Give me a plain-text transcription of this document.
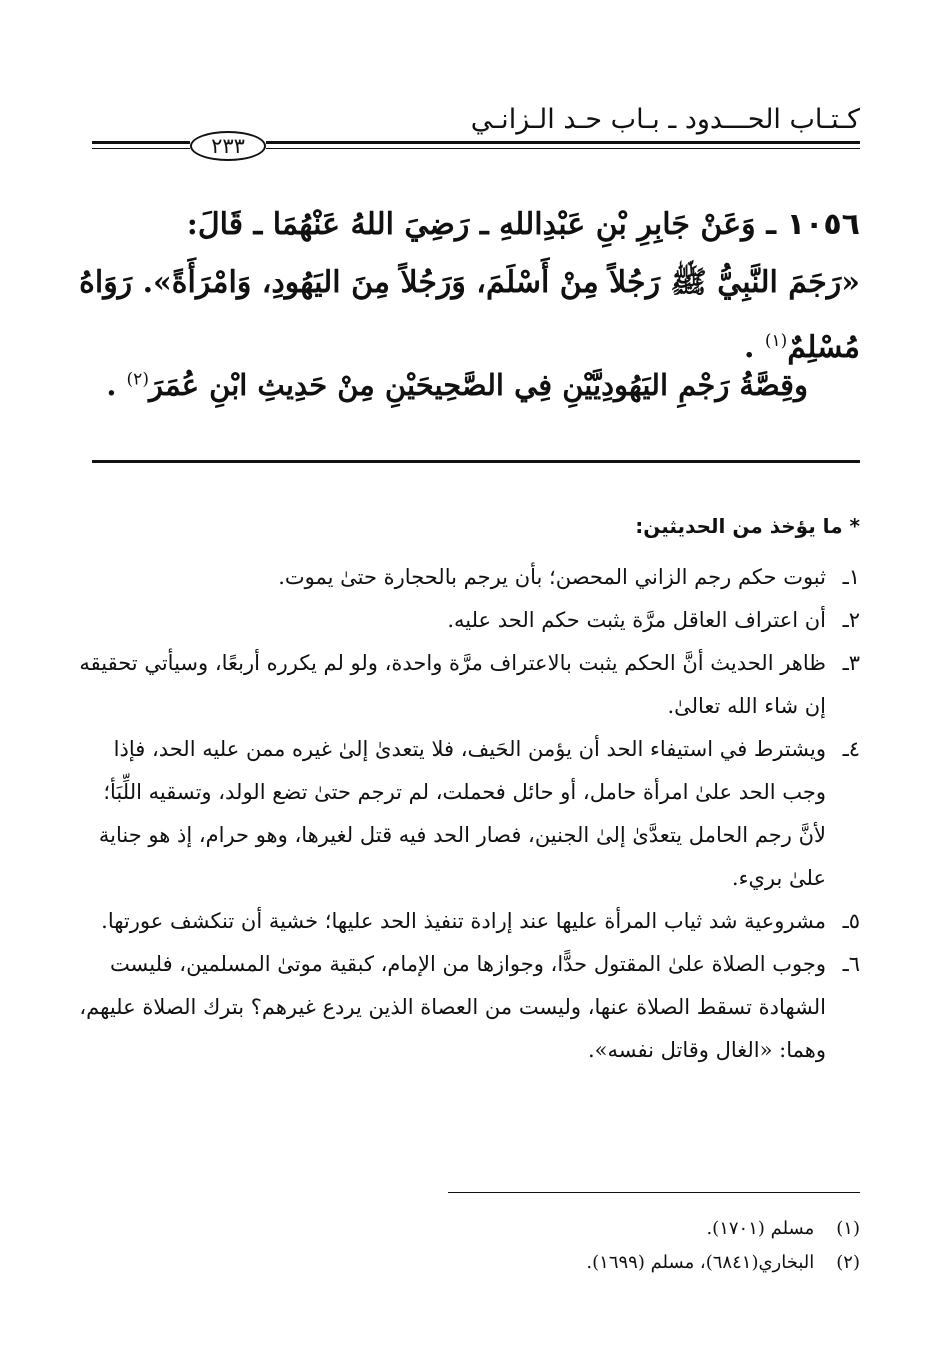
كـتـاب الحـــدود ـ بـاب حـد الـزانـي
٢٣٣
١٠٥٦ ـ وَعَنْ جَابِرِ بْنِ عَبْدِاللهِ ـ رَضِيَ اللهُ عَنْهُمَا ـ قَالَ:
«رَجَمَ النَّبِيُّ ﷺ رَجُلاً مِنْ أَسْلَمَ، وَرَجُلاً مِنَ اليَهُودِ، وَامْرَأَةً». رَوَاهُ
مُسْلِمٌ$^{(١)}$ .
وقِصَّةُ رَجْمِ اليَهُودِيَّيْنِ فِي الصَّحِيحَيْنِ مِنْ حَدِيثِ ابْنِ عُمَرَ$^{(٢)}$ .
* ما يؤخذ من الحديثين:
١ـ
ثبوت حكم رجم الزاني المحصن؛ بأن يرجم بالحجارة حتىٰ يموت.
٢ـ
أن اعتراف العاقل مرَّة يثبت حكم الحد عليه.
٣ـ
ظاهر الحديث أنَّ الحكم يثبت بالاعتراف مرَّة واحدة، ولو لم يكرره أربعًا، وسيأتي تحقيقه إن شاء الله تعالىٰ.
٤ـ
ويشترط في استيفاء الحد أن يؤمن الحَيف، فلا يتعدىٰ إلىٰ غيره ممن عليه الحد، فإذا وجب الحد علىٰ امرأة حامل، أو حائل فحملت، لم ترجم حتىٰ تضع الولد، وتسقيه اللِّبَأ؛ لأنَّ رجم الحامل يتعدَّىٰ إلىٰ الجنين، فصار الحد فيه قتل لغيرها، وهو حرام، إذ هو جناية علىٰ بريء.
٥ـ
مشروعية شد ثياب المرأة عليها عند إرادة تنفيذ الحد عليها؛ خشية أن تنكشف عورتها.
٦ـ
وجوب الصلاة علىٰ المقتول حدًّا، وجوازها من الإمام، كبقية موتىٰ المسلمين، فليست الشهادة تسقط الصلاة عنها، وليست من العصاة الذين يردع غيرهم؟ بترك الصلاة عليهم، وهما: «الغال وقاتل نفسه».
(١) مسلم (١٧٠١).
(٢) البخاري(٦٨٤١)، مسلم (١٦٩٩).
